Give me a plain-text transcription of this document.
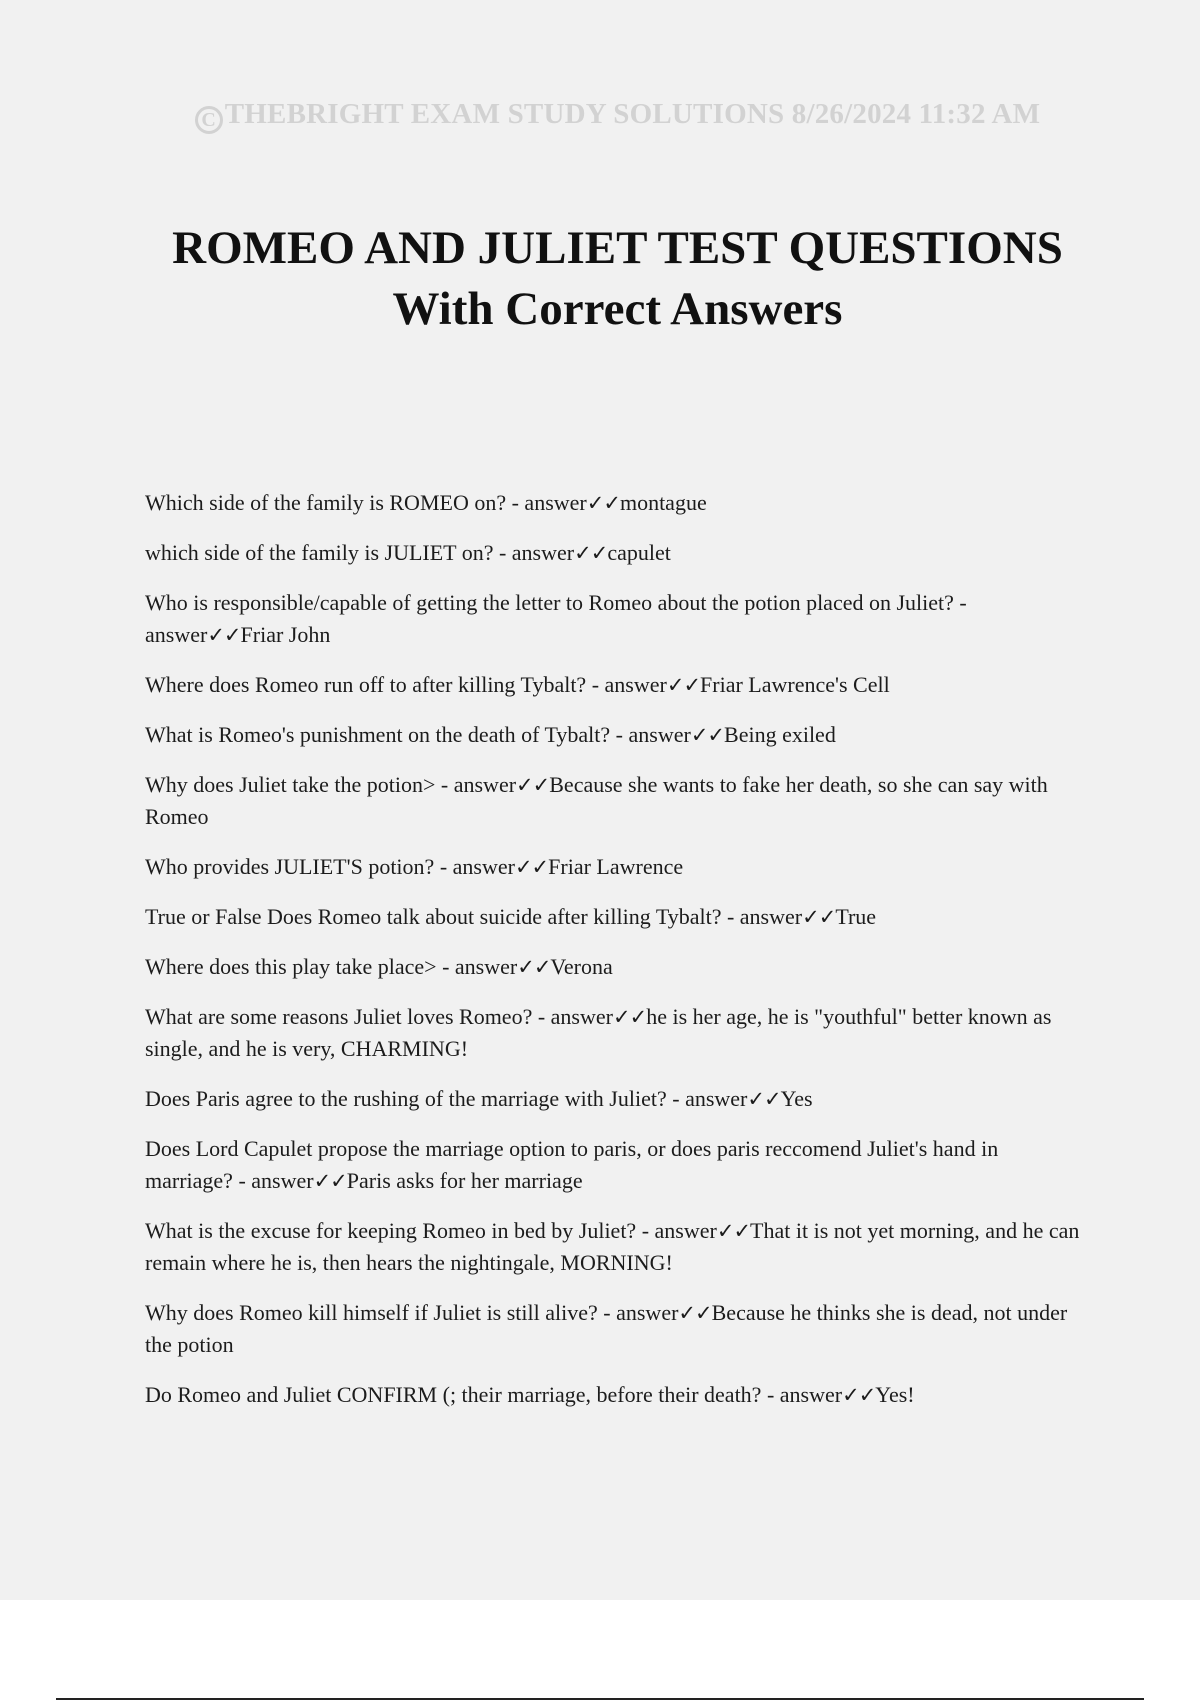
C THEBRIGHT EXAM STUDY SOLUTIONS 8/26/2024 11:32 AM
ROMEO AND JULIET TEST QUESTIONS
With Correct Answers
Which side of the family is ROMEO on? - answer✓✓montague
which side of the family is JULIET on? - answer✓✓capulet
Who is responsible/capable of getting the letter to Romeo about the potion placed on Juliet? - answer✓✓Friar John
Where does Romeo run off to after killing Tybalt? - answer✓✓Friar Lawrence's Cell
What is Romeo's punishment on the death of Tybalt? - answer✓✓Being exiled
Why does Juliet take the potion> - answer✓✓Because she wants to fake her death, so she can say with Romeo
Who provides JULIET'S potion? - answer✓✓Friar Lawrence
True or False Does Romeo talk about suicide after killing Tybalt? - answer✓✓True
Where does this play take place> - answer✓✓Verona
What are some reasons Juliet loves Romeo? - answer✓✓he is her age, he is "youthful" better known as single, and he is very, CHARMING!
Does Paris agree to the rushing of the marriage with Juliet? - answer✓✓Yes
Does Lord Capulet propose the marriage option to paris, or does paris reccomend Juliet's hand in marriage? - answer✓✓Paris asks for her marriage
What is the excuse for keeping Romeo in bed by Juliet? - answer✓✓That it is not yet morning, and he can remain where he is, then hears the nightingale, MORNING!
Why does Romeo kill himself if Juliet is still alive? - answer✓✓Because he thinks she is dead, not under the potion
Do Romeo and Juliet CONFIRM (; their marriage, before their death? - answer✓✓Yes!
